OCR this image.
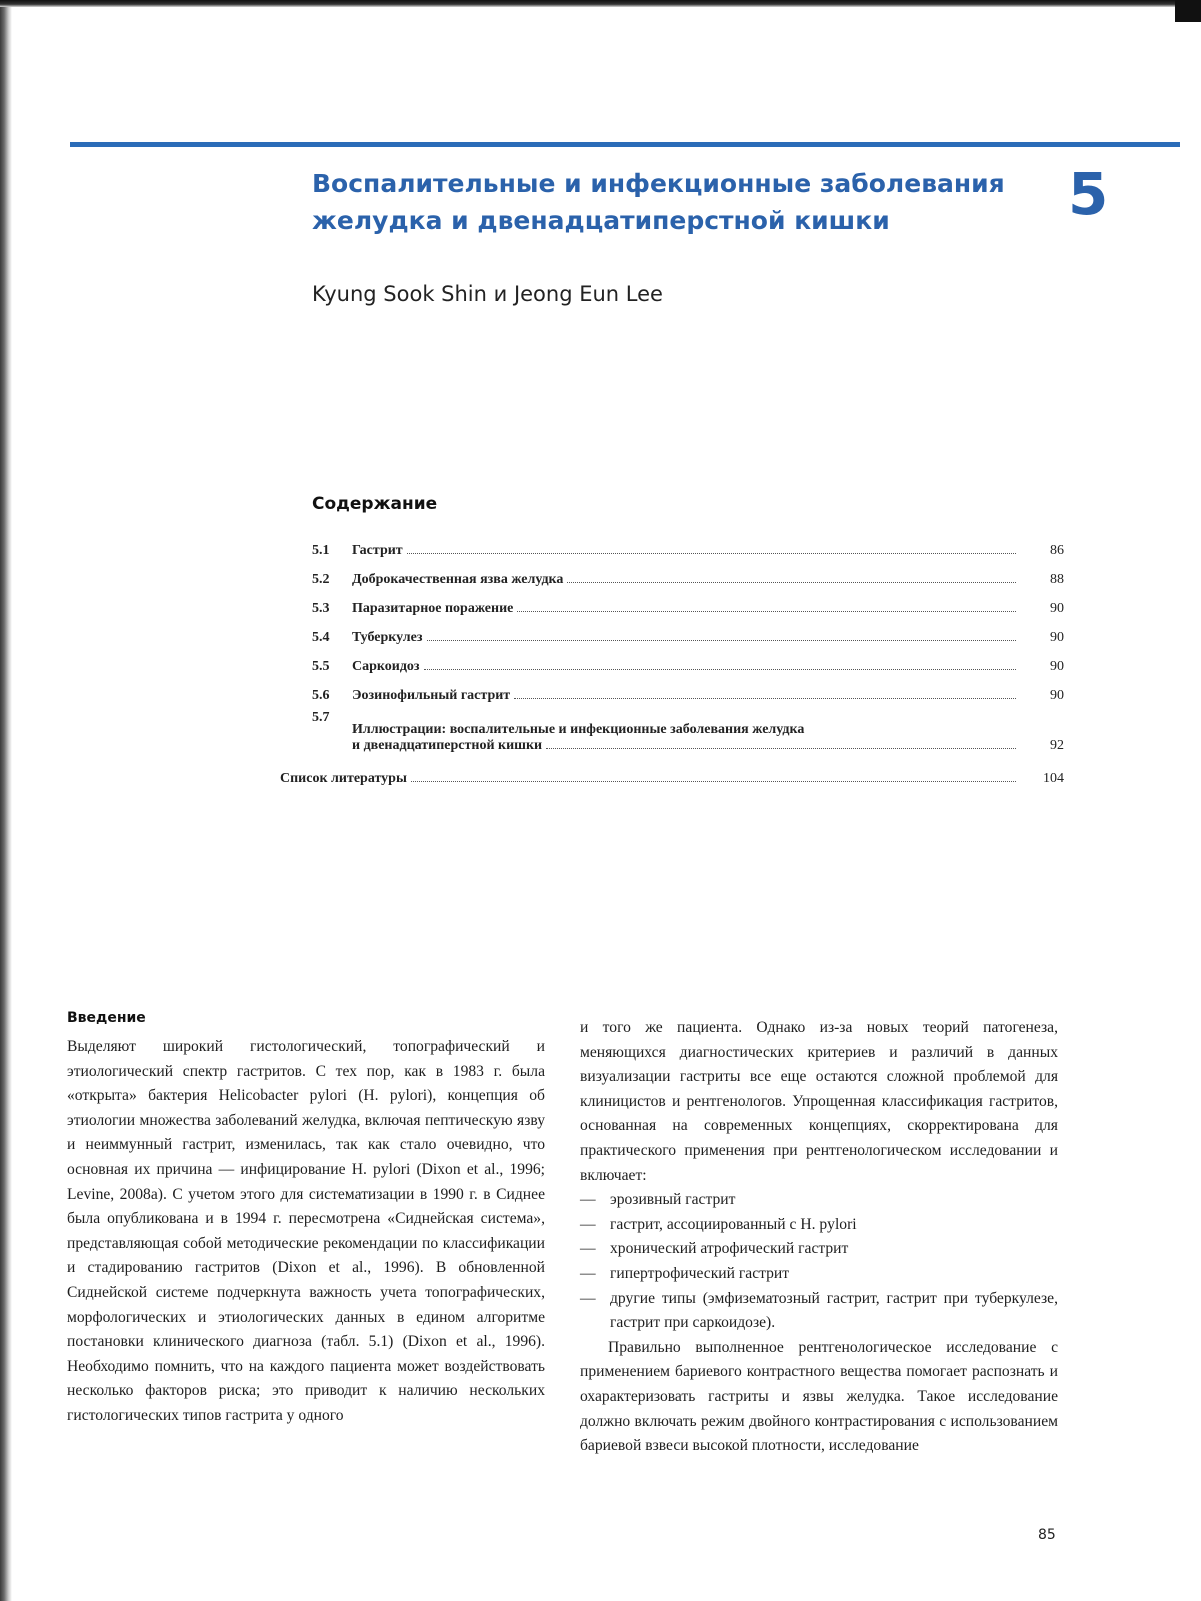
Воспалительные и инфекционные заболевания желудка и двенадцатиперстной кишки	5
Kyung Sook Shin и Jeong Eun Lee
Содержание
5.1	Гастрит	86
5.2	Доброкачественная язва желудка	88
5.3	Паразитарное поражение	90
5.4	Туберкулез	90
5.5	Саркоидоз	90
5.6	Эозинофильный гастрит	90
5.7
Иллюстрации: воспалительные и инфекционные заболевания желудка
и двенадцатиперстной кишки	92
Список литературы	104
Введение

Выделяют широкий гистологический, топографический и этиологический спектр гастритов. С тех пор, как в 1983 г. была «открыта» бактерия Helicobacter pylori (H. pylori), концепция об этиологии множества заболеваний желудка, включая пептическую язву и неиммунный гастрит, изменилась, так как стало очевидно, что основная их причина — инфицирование H. pylori (Dixon et al., 1996; Levine, 2008a). С учетом этого для систематизации в 1990 г. в Сиднее была опубликована и в 1994 г. пересмотрена «Сиднейская система», представляющая собой методические рекомендации по классификации и стадированию гастритов (Dixon et al., 1996). В обновленной Сиднейской системе подчеркнута важность учета топографических, морфологических и этиологических данных в едином алгоритме постановки клинического диагноза (табл. 5.1) (Dixon et al., 1996). Необходимо помнить, что на каждого пациента может воздействовать несколько факторов риска; это приводит к наличию нескольких гистологических типов гастрита у одного

и того же пациента. Однако из-за новых теорий патогенеза, меняющихся диагностических критериев и различий в данных визуализации гастриты все еще остаются сложной проблемой для клиницистов и рентгенологов. Упрощенная классификация гастритов, основанная на современных концепциях, скорректирована для практического применения при рентгенологическом исследовании и включает:

— эрозивный гастрит
— гастрит, ассоциированный с H. pylori
— хронический атрофический гастрит
— гипертрофический гастрит
— другие типы (эмфизематозный гастрит, гастрит при туберкулезе, гастрит при саркоидозе).

Правильно выполненное рентгенологическое исследование с применением бариевого контрастного вещества помогает распознать и охарактеризовать гастриты и язвы желудка. Такое исследование должно включать режим двойного контрастирования с использованием бариевой взвеси высокой плотности, исследование

85
